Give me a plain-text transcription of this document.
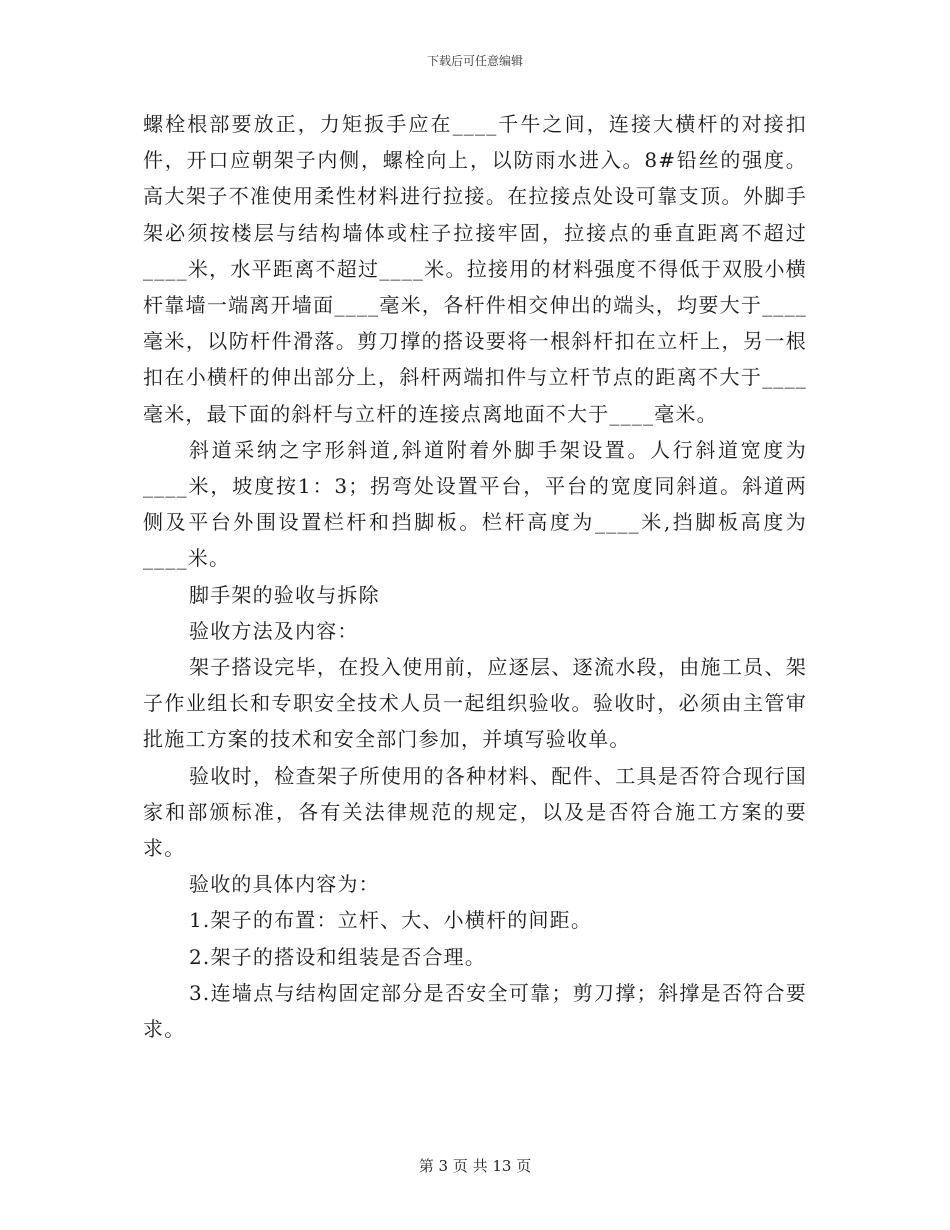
下载后可任意编辑

螺栓根部要放正，力矩扳手应在____千牛之间，连接大横杆的对接扣件，开口应朝架子内侧，螺栓向上，以防雨水进入。8#铅丝的强度。高大架子不准使用柔性材料进行拉接。在拉接点处设可靠支顶。外脚手架必须按楼层与结构墙体或柱子拉接牢固，拉接点的垂直距离不超过____米，水平距离不超过____米。拉接用的材料强度不得低于双股小横杆靠墙一端离开墙面____毫米，各杆件相交伸出的端头，均要大于____毫米，以防杆件滑落。剪刀撑的搭设要将一根斜杆扣在立杆上，另一根扣在小横杆的伸出部分上，斜杆两端扣件与立杆节点的距离不大于____毫米，最下面的斜杆与立杆的连接点离地面不大于____毫米。

斜道采纳之字形斜道,斜道附着外脚手架设置。人行斜道宽度为____米，坡度按1：3；拐弯处设置平台，平台的宽度同斜道。斜道两侧及平台外围设置栏杆和挡脚板。栏杆高度为____米,挡脚板高度为____米。

脚手架的验收与拆除

验收方法及内容：

架子搭设完毕，在投入使用前，应逐层、逐流水段，由施工员、架子作业组长和专职安全技术人员一起组织验收。验收时，必须由主管审批施工方案的技术和安全部门参加，并填写验收单。

验收时，检查架子所使用的各种材料、配件、工具是否符合现行国家和部颁标准，各有关法律规范的规定，以及是否符合施工方案的要求。

验收的具体内容为：

1.架子的布置：立杆、大、小横杆的间距。

2.架子的搭设和组装是否合理。

3.连墙点与结构固定部分是否安全可靠；剪刀撑；斜撑是否符合要求。

第 3 页 共 13 页
